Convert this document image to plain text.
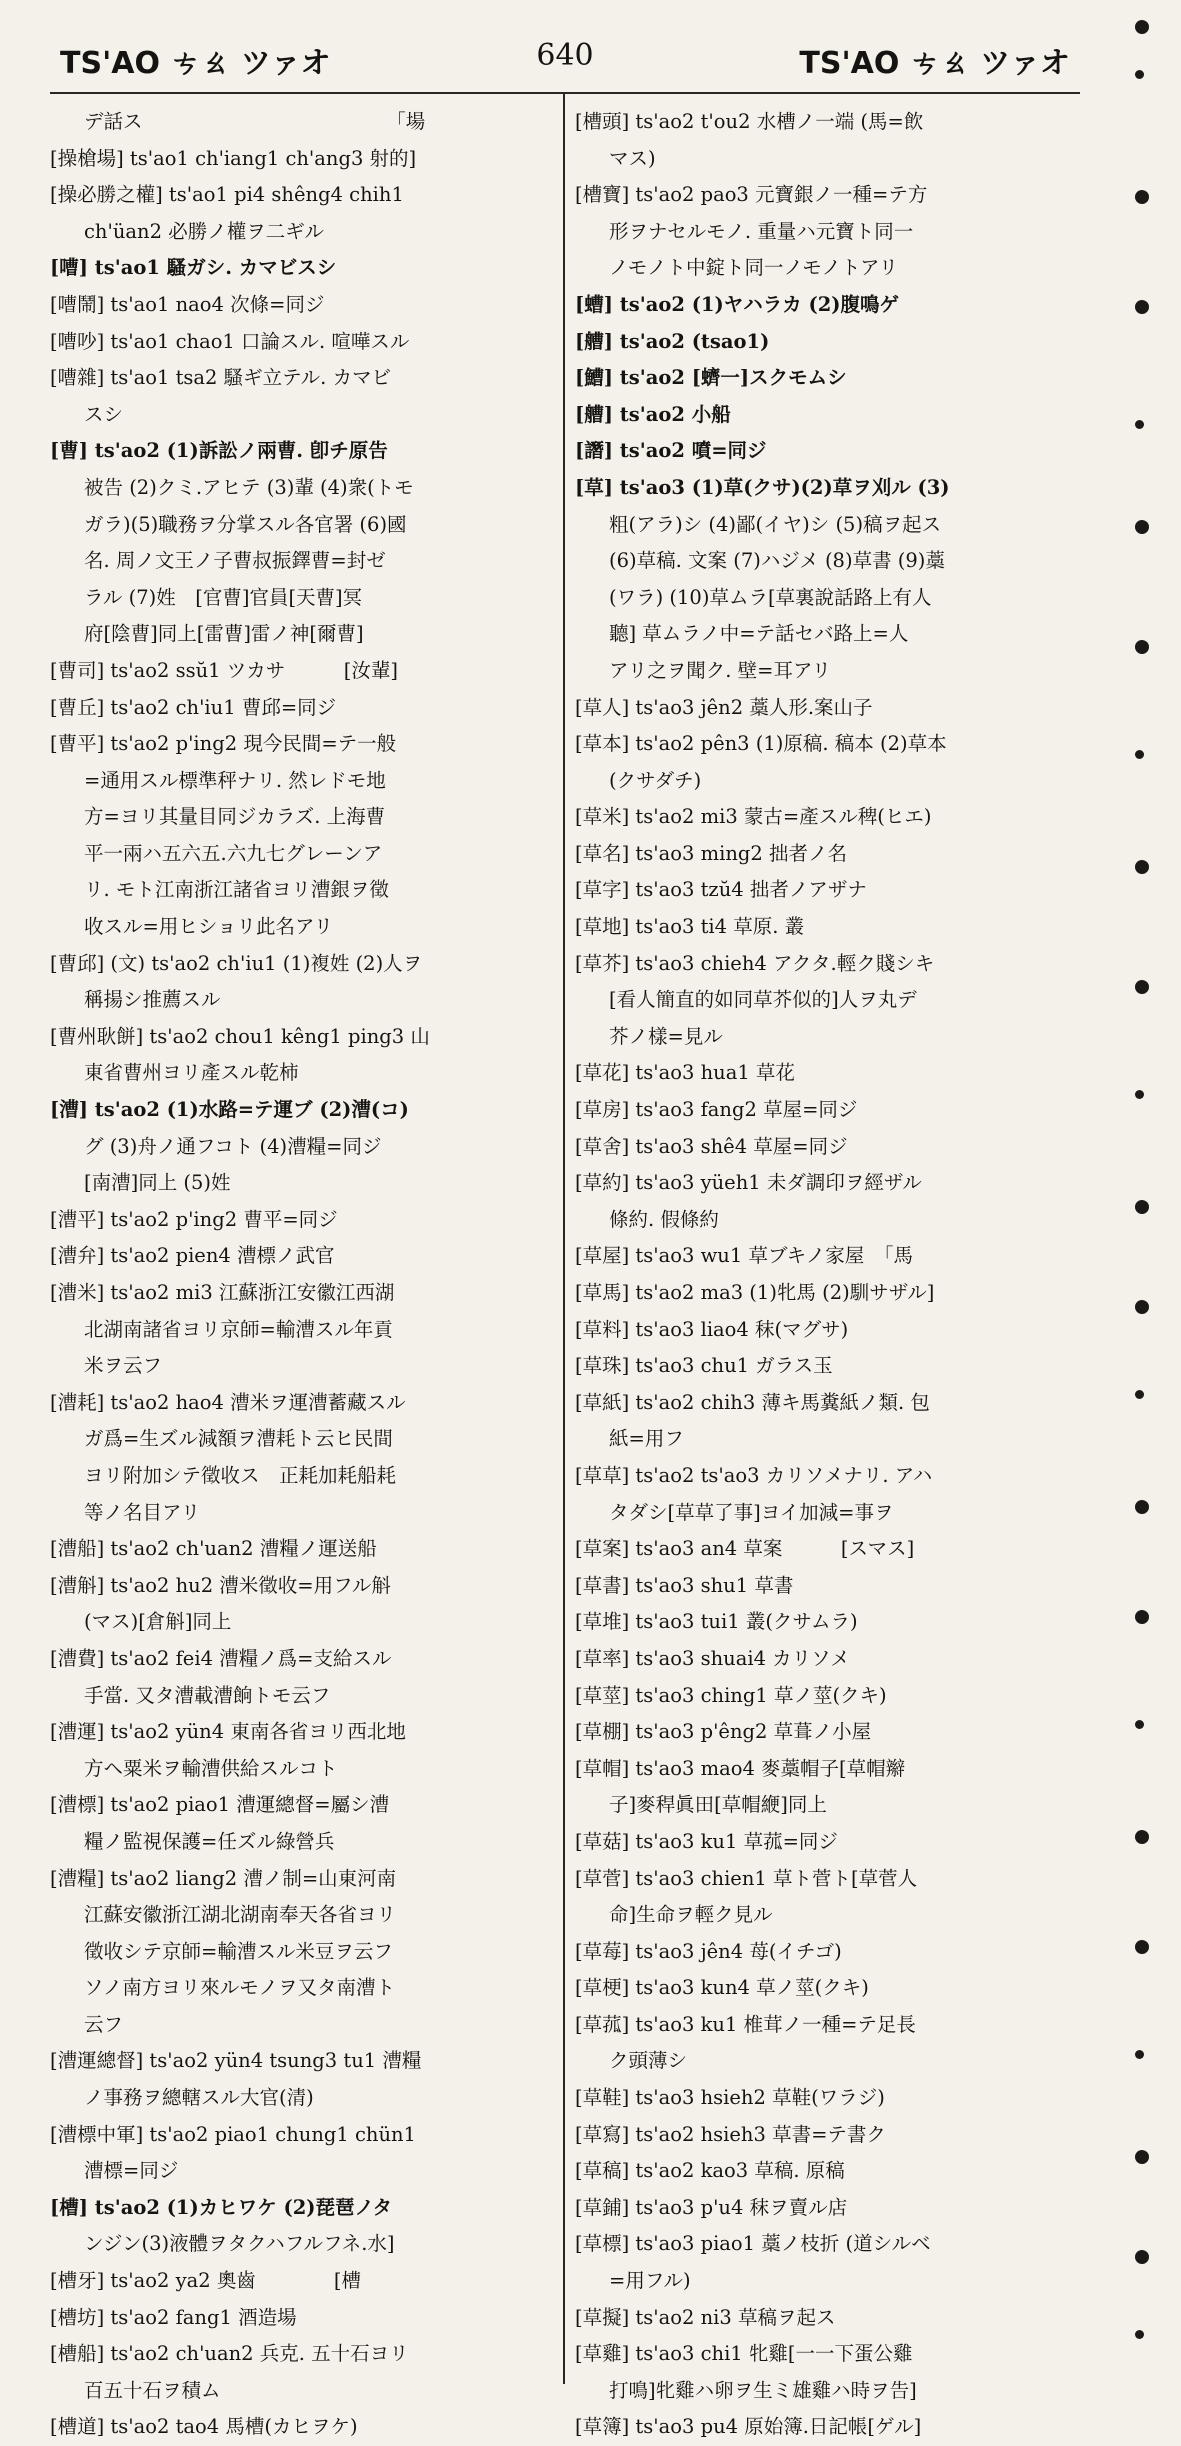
TS'AO ㄘㄠ ツァオ	640	TS'AO ㄘㄠ ツァオ
デ話ス　　　　　　　　　　　　　「場
[操槍場] ts'ao1 ch'iang1 ch'ang3 射的]
[操必勝之權] ts'ao1 pi4 shêng4 chih1
ch'üan2 必勝ノ權ヲ二ギル
[嘈] ts'ao1 騷ガシ. カマビスシ
[嘈鬧] ts'ao1 nao4 次條=同ジ
[嘈吵] ts'ao1 chao1 口論スル. 喧嘩スル
[嘈雜] ts'ao1 tsa2 騷ギ立テル. カマビ
スシ
[曹] ts'ao2 (1)訴訟ノ兩曹. 卽チ原告
被告 (2)クミ.アヒテ (3)輩 (4)衆(トモ
ガラ)(5)職務ヲ分掌スル各官署 (6)國
名. 周ノ文王ノ子曹叔振鐸曹=封ゼ
ラル (7)姓　[官曹]官員[天曹]冥
府[陰曹]同上[雷曹]雷ノ神[爾曹]
[曹司] ts'ao2 ssŭ1 ツカサ　　　[汝輩]
[曹丘] ts'ao2 ch'iu1 曹邱=同ジ
[曹平] ts'ao2 p'ing2 現今民間=テ一般
=通用スル標準秤ナリ. 然レドモ地
方=ヨリ其量目同ジカラズ. 上海曹
平一兩ハ五六五.六九七グレーンア
リ. モト江南浙江諸省ヨリ漕銀ヲ徵
收スル=用ヒショリ此名アリ
[曹邱] (文) ts'ao2 ch'iu1 (1)複姓 (2)人ヲ
稱揚シ推薦スル
[曹州耿餅] ts'ao2 chou1 kêng1 ping3 山
東省曹州ヨリ產スル乾柿
[漕] ts'ao2 (1)水路=テ運ブ (2)漕(コ)
グ (3)舟ノ通フコト (4)漕糧=同ジ
[南漕]同上 (5)姓
[漕平] ts'ao2 p'ing2 曹平=同ジ
[漕弁] ts'ao2 pien4 漕標ノ武官
[漕米] ts'ao2 mi3 江蘇浙江安徽江西湖
北湖南諸省ヨリ京師=輸漕スル年貢
米ヲ云フ
[漕耗] ts'ao2 hao4 漕米ヲ運漕蓄藏スル
ガ爲=生ズル減額ヲ漕耗ト云ヒ民間
ヨリ附加シテ徵收ス　正耗加耗船耗
等ノ名目アリ
[漕船] ts'ao2 ch'uan2 漕糧ノ運送船
[漕斛] ts'ao2 hu2 漕米徵收=用フル斛
(マス)[倉斛]同上
[漕費] ts'ao2 fei4 漕糧ノ爲=支給スル
手當. 又タ漕載漕餉トモ云フ
[漕運] ts'ao2 yün4 東南各省ヨリ西北地
方ヘ粟米ヲ輸漕供給スルコト
[漕標] ts'ao2 piao1 漕運總督=屬シ漕
糧ノ監視保護=任ズル綠營兵
[漕糧] ts'ao2 liang2 漕ノ制=山東河南
江蘇安徽浙江湖北湖南奉天各省ヨリ
徵收シテ京師=輸漕スル米豆ヲ云フ
ソノ南方ヨリ來ルモノヲ又タ南漕ト
云フ
[漕運總督] ts'ao2 yün4 tsung3 tu1 漕糧
ノ事務ヲ總轄スル大官(清)
[漕標中軍] ts'ao2 piao1 chung1 chün1
漕標=同ジ
[槽] ts'ao2 (1)カヒワケ (2)琵琶ノタ
ンジン(3)液體ヲタクハフルフネ.水]
[槽牙] ts'ao2 ya2 奧齒　　　　[槽
[槽坊] ts'ao2 fang1 酒造場
[槽船] ts'ao2 ch'uan2 兵克. 五十石ヨリ
百五十石ヲ積ム
[槽道] ts'ao2 tao4 馬槽(カヒヲケ)
[槽頭] ts'ao2 t'ou2 水槽ノ一端 (馬=飲
マス)
[槽寶] ts'ao2 pao3 元寶銀ノ一種=テ方
形ヲナセルモノ. 重量ハ元寶ト同一
ノモノト中錠ト同一ノモノトアリ
[螬] ts'ao2 (1)ヤハラカ (2)腹鳴ゲ
[艚] ts'ao2 (tsao1)
[鰽] ts'ao2 [蠐一]スクモムシ
[艚] ts'ao2 小船
[譖] ts'ao2 噴=同ジ
[草] ts'ao3 (1)草(クサ)(2)草ヲ刈ル (3)
粗(アラ)シ (4)鄙(イヤ)シ (5)稿ヲ起ス
(6)草稿. 文案 (7)ハジメ (8)草書 (9)藁
(ワラ) (10)草ムラ[草裏說話路上有人
聽] 草ムラノ中=テ話セバ路上=人
アリ之ヲ聞ク. 壁=耳アリ
[草人] ts'ao3 jên2 藁人形.案山子
[草本] ts'ao2 pên3 (1)原稿. 稿本 (2)草本
(クサダチ)
[草米] ts'ao2 mi3 蒙古=產スル稗(ヒエ)
[草名] ts'ao3 ming2 拙者ノ名
[草字] ts'ao3 tzŭ4 拙者ノアザナ
[草地] ts'ao3 ti4 草原. 叢
[草芥] ts'ao3 chieh4 アクタ.輕ク賤シキ
[看人簡直的如同草芥似的]人ヲ丸デ
芥ノ樣=見ル
[草花] ts'ao3 hua1 草花
[草房] ts'ao3 fang2 草屋=同ジ
[草舍] ts'ao3 shê4 草屋=同ジ
[草約] ts'ao3 yüeh1 未ダ調印ヲ經ザル
條約. 假條約
[草屋] ts'ao3 wu1 草ブキノ家屋　「馬
[草馬] ts'ao2 ma3 (1)牝馬 (2)馴サザル]
[草料] ts'ao3 liao4 秣(マグサ)
[草珠] ts'ao3 chu1 ガラス玉
[草紙] ts'ao2 chih3 薄キ馬糞紙ノ類. 包
紙=用フ
[草草] ts'ao2 ts'ao3 カリソメナリ. アハ
タダシ[草草了事]ヨイ加減=事ヲ
[草案] ts'ao3 an4 草案　　　[スマス]
[草書] ts'ao3 shu1 草書
[草堆] ts'ao3 tui1 叢(クサムラ)
[草率] ts'ao3 shuai4 カリソメ
[草莖] ts'ao3 ching1 草ノ莖(クキ)
[草棚] ts'ao3 p'êng2 草葺ノ小屋
[草帽] ts'ao3 mao4 麥藁帽子[草帽辮
子]麥稈眞田[草帽緶]同上
[草菇] ts'ao3 ku1 草菰=同ジ
[草菅] ts'ao3 chien1 草ト菅ト[草菅人
命]生命ヲ輕ク見ル
[草莓] ts'ao3 jên4 苺(イチゴ)
[草梗] ts'ao3 kun4 草ノ莖(クキ)
[草菰] ts'ao3 ku1 椎茸ノ一種=テ足長
ク頭薄シ
[草鞋] ts'ao3 hsieh2 草鞋(ワラジ)
[草寫] ts'ao2 hsieh3 草書=テ書ク
[草稿] ts'ao2 kao3 草稿. 原稿
[草鋪] ts'ao3 p'u4 秣ヲ賣ル店
[草標] ts'ao3 piao1 藁ノ枝折 (道シルベ
=用フル)
[草擬] ts'ao2 ni3 草稿ヲ起ス
[草雞] ts'ao3 chi1 牝雞[一一下蛋公雞
打鳴]牝雞ハ卵ヲ生ミ雄雞ハ時ヲ告]
[草簿] ts'ao3 pu4 原始簿.日記帳[ゲル]
